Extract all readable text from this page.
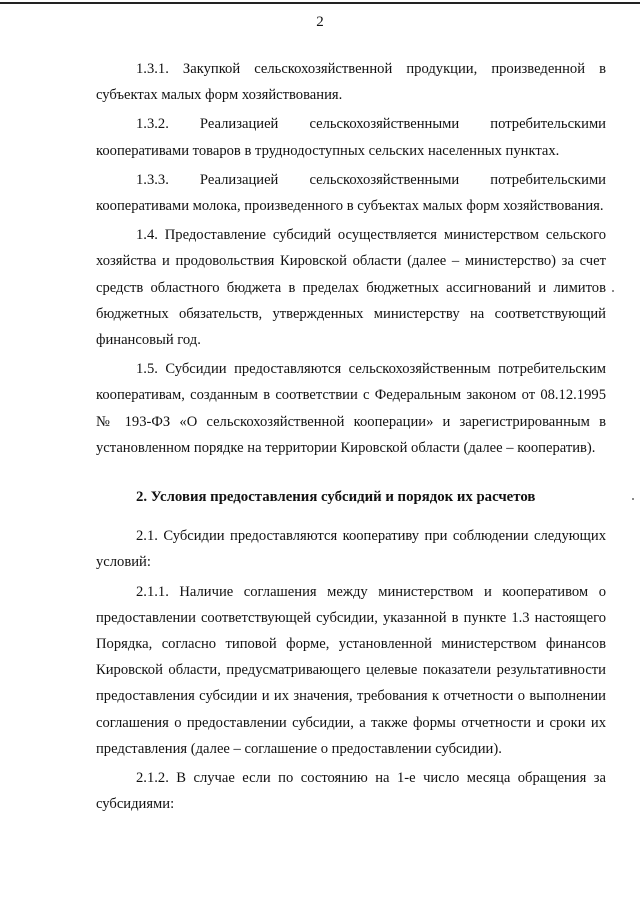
2

1.3.1. Закупкой сельскохозяйственной продукции, произведенной в субъектах малых форм хозяйствования.

1.3.2. Реализацией сельскохозяйственными потребительскими кооперативами товаров в труднодоступных сельских населенных пунктах.

1.3.3. Реализацией сельскохозяйственными потребительскими кооперативами молока, произведенного в субъектах малых форм хозяйствования.

1.4. Предоставление субсидий осуществляется министерством сельского хозяйства и продовольствия Кировской области (далее – министерство) за счет средств областного бюджета в пределах бюджетных ассигнований и лимитов бюджетных обязательств, утвержденных министерству на соответствующий финансовый год.

1.5. Субсидии предоставляются сельскохозяйственным потребительским кооперативам, созданным в соответствии с Федеральным законом от 08.12.1995 № 193-ФЗ «О сельскохозяйственной кооперации» и зарегистрированным в установленном порядке на территории Кировской области (далее – кооператив).

2. Условия предоставления субсидий и порядок их расчетов

2.1. Субсидии предоставляются кооперативу при соблюдении следующих условий:

2.1.1. Наличие соглашения между министерством и кооперативом о предоставлении соответствующей субсидии, указанной в пункте 1.3 настоящего Порядка, согласно типовой форме, установленной министерством финансов Кировской области, предусматривающего целевые показатели результативности предоставления субсидии и их значения, требования к отчетности о выполнении соглашения о предоставлении субсидии, а также формы отчетности и сроки их представления (далее – соглашение о предоставлении субсидии).

2.1.2. В случае если по состоянию на 1-е число месяца обращения за субсидиями:
